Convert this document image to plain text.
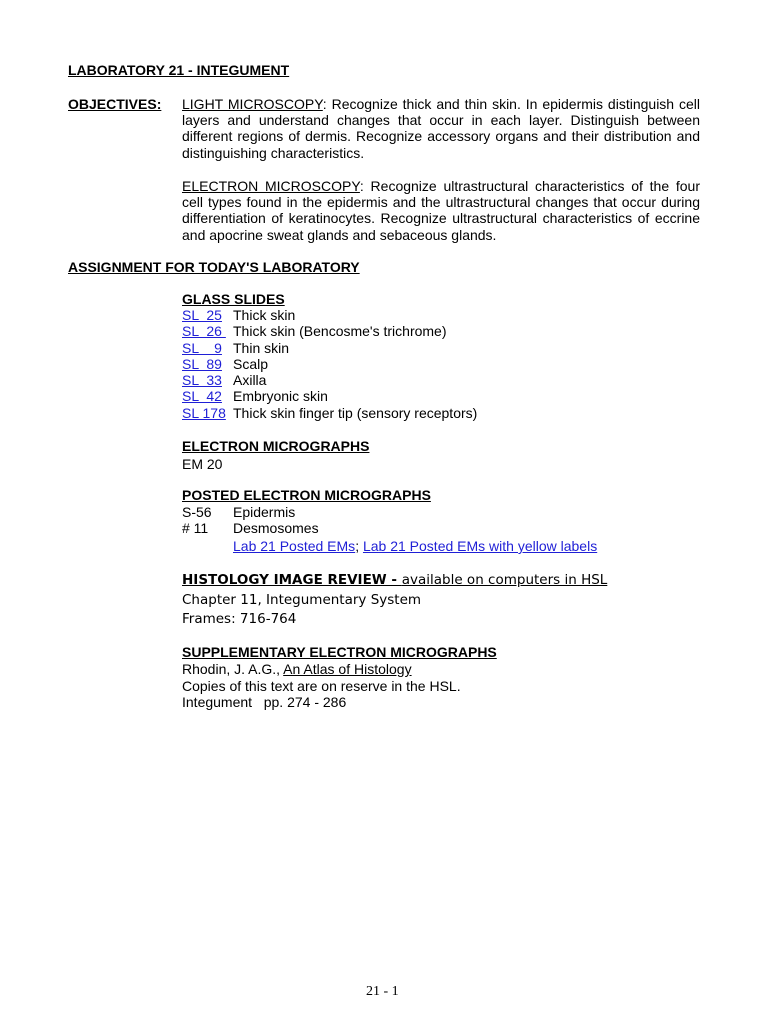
LABORATORY 21 - INTEGUMENT
OBJECTIVES: LIGHT MICROSCOPY: Recognize thick and thin skin. In epidermis distinguish cell layers and understand changes that occur in each layer. Distinguish between different regions of dermis. Recognize accessory organs and their distribution and distinguishing characteristics.
ELECTRON MICROSCOPY: Recognize ultrastructural characteristics of the four cell types found in the epidermis and the ultrastructural changes that occur during differentiation of keratinocytes. Recognize ultrastructural characteristics of eccrine and apocrine sweat glands and sebaceous glands.
ASSIGNMENT FOR TODAY'S LABORATORY
GLASS SLIDES
SL  25 Thick skin
SL  26 Thick skin (Bencosme's trichrome)
SL    9 Thin skin
SL  89 Scalp
SL  33 Axilla
SL  42 Embryonic skin
SL 178 Thick skin finger tip (sensory receptors)
ELECTRON MICROGRAPHS
EM 20
POSTED ELECTRON MICROGRAPHS
S-56 Epidermis
# 11 Desmosomes
Lab 21 Posted EMs; Lab 21 Posted EMs with yellow labels
HISTOLOGY IMAGE REVIEW - available on computers in HSL
Chapter 11, Integumentary System
Frames: 716-764
SUPPLEMENTARY ELECTRON MICROGRAPHS
Rhodin, J. A.G., An Atlas of Histology
Copies of this text are on reserve in the HSL.
Integument   pp. 274 - 286
21 - 1
